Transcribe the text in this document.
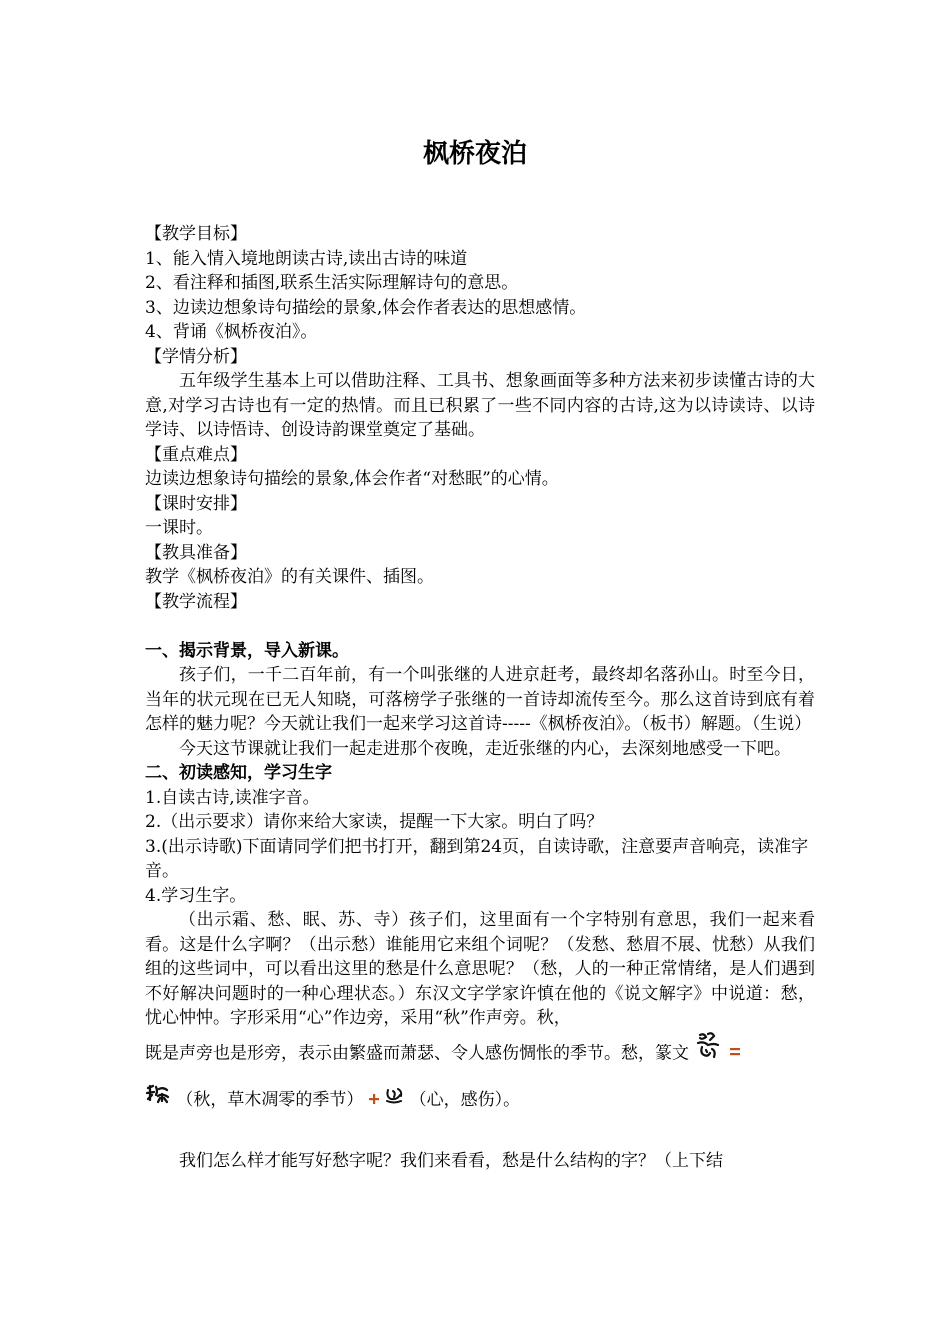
枫桥夜泊
【教学目标】
1、能入情入境地朗读古诗,读出古诗的味道
2、看注释和插图,联系生活实际理解诗句的意思。
3、边读边想象诗句描绘的景象,体会作者表达的思想感情。
4、背诵《枫桥夜泊》。
【学情分析】
五年级学生基本上可以借助注释、工具书、想象画面等多种方法来初步读懂古诗的大意,对学习古诗也有一定的热情。而且已积累了一些不同内容的古诗,这为以诗读诗、以诗学诗、以诗悟诗、创设诗韵课堂奠定了基础。
【重点难点】
边读边想象诗句描绘的景象,体会作者“对愁眠”的心情。
【课时安排】
一课时。
【教具准备】
教学《枫桥夜泊》的有关课件、插图。
【教学流程】
一、揭示背景，导入新课。
孩子们，一千二百年前，有一个叫张继的人进京赶考，最终却名落孙山。时至今日，当年的状元现在已无人知晓，可落榜学子张继的一首诗却流传至今。那么这首诗到底有着怎样的魅力呢？今天就让我们一起来学习这首诗-----《枫桥夜泊》。（板书）解题。（生说）
今天这节课就让我们一起走进那个夜晚，走近张继的内心，去深刻地感受一下吧。
二、初读感知，学习生字
1.自读古诗,读准字音。
2.（出示要求）请你来给大家读，提醒一下大家。明白了吗？
3.(出示诗歌)下面请同学们把书打开，翻到第24页，自读诗歌，注意要声音响亮，读准字音。
4.学习生字。
（出示霜、愁、眠、苏、寺）孩子们，这里面有一个字特别有意思，我们一起来看看。这是什么字啊？（出示愁）谁能用它来组个词呢？（发愁、愁眉不展、忧愁）从我们组的这些词中，可以看出这里的愁是什么意思呢？（愁，人的一种正常情绪，是人们遇到不好解决问题时的一种心理状态。）东汉文字学家许慎在他的《说文解字》中说道：愁，忧心忡忡。字形采用“心”作边旁，采用“秋”作声旁。秋，
既是声旁也是形旁，表示由繁盛而萧瑟、令人感伤惆怅的季节。愁，篆文
（秋，草木凋零的季节）	（心，感伤）。
我们怎么样才能写好愁字呢？我们来看看，愁是什么结构的字？（上下结
